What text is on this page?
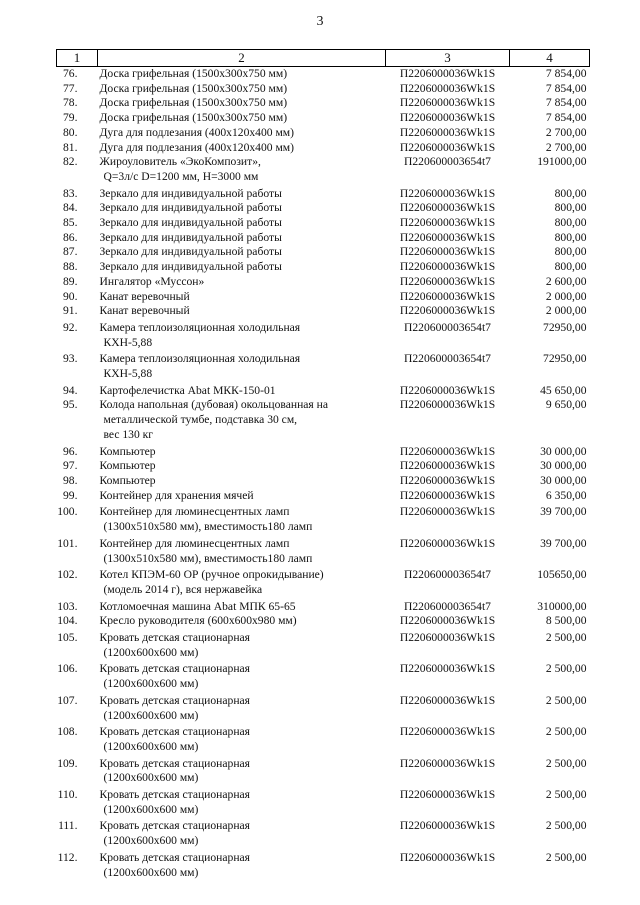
3
1	2	3	4
76.	Доска грифельная (1500х300х750 мм)	П2206000036Wk1S	7 854,00
77.	Доска грифельная (1500х300х750 мм)	П2206000036Wk1S	7 854,00
78.	Доска грифельная (1500х300х750 мм)	П2206000036Wk1S	7 854,00
79.	Доска грифельная (1500х300х750 мм)	П2206000036Wk1S	7 854,00
80.	Дуга для подлезания (400х120х400 мм)	П2206000036Wk1S	2 700,00
81.	Дуга для подлезания (400х120х400 мм)	П2206000036Wk1S	2 700,00
82.	Жироуловитель «ЭкоКомпозит»,	П220600003654t7	191000,00
	Q=3л/с D=1200 мм, Н=3000 мм		

83.	Зеркало для индивидуальной работы	П2206000036Wk1S	800,00
84.	Зеркало для индивидуальной работы	П2206000036Wk1S	800,00
85.	Зеркало для индивидуальной работы	П2206000036Wk1S	800,00
86.	Зеркало для индивидуальной работы	П2206000036Wk1S	800,00
87.	Зеркало для индивидуальной работы	П2206000036Wk1S	800,00
88.	Зеркало для индивидуальной работы	П2206000036Wk1S	800,00
89.	Ингалятор «Муссон»	П2206000036Wk1S	2 600,00
90.	Канат веревочный	П2206000036Wk1S	2 000,00
91.	Канат веревочный	П2206000036Wk1S	2 000,00

92.	Камера теплоизоляционная холодильная	П220600003654t7	72950,00
	КХН-5,88		

93.	Камера теплоизоляционная холодильная	П220600003654t7	72950,00
	КХН-5,88		

94.	Картофелечистка Abat МКК-150-01	П2206000036Wk1S	45 650,00
95.	Колода напольная (дубовая) окольцованная на	П2206000036Wk1S	9 650,00
	металлической тумбе, подставка 30 см,		
	вес 130 кг		

96.	Компьютер	П2206000036Wk1S	30 000,00
97.	Компьютер	П2206000036Wk1S	30 000,00
98.	Компьютер	П2206000036Wk1S	30 000,00
99.	Контейнер для хранения мячей	П2206000036Wk1S	6 350,00

100.	Контейнер для люминесцентных ламп	П2206000036Wk1S	39 700,00
	(1300х510х580 мм), вместимость180 ламп		

101.	Контейнер для люминесцентных ламп	П2206000036Wk1S	39 700,00
	(1300х510х580 мм), вместимость180 ламп		

102.	Котел КПЭМ-60 ОР (ручное опрокидывание)	П220600003654t7	105650,00
	(модель 2014 г), вся нержавейка		

103.	Котломоечная машина Abat МПК 65-65	П220600003654t7	310000,00
104.	Кресло руководителя (600х600х980 мм)	П2206000036Wk1S	8 500,00

105.	Кровать детская стационарная	П2206000036Wk1S	2 500,00
	(1200х600х600 мм)		

106.	Кровать детская стационарная	П2206000036Wk1S	2 500,00
	(1200х600х600 мм)		

107.	Кровать детская стационарная	П2206000036Wk1S	2 500,00
	(1200х600х600 мм)		

108.	Кровать детская стационарная	П2206000036Wk1S	2 500,00
	(1200х600х600 мм)		

109.	Кровать детская стационарная	П2206000036Wk1S	2 500,00
	(1200х600х600 мм)		

110.	Кровать детская стационарная	П2206000036Wk1S	2 500,00
	(1200х600х600 мм)		

111.	Кровать детская стационарная	П2206000036Wk1S	2 500,00
	(1200х600х600 мм)		

112.	Кровать детская стационарная	П2206000036Wk1S	2 500,00
	(1200х600х600 мм)		
